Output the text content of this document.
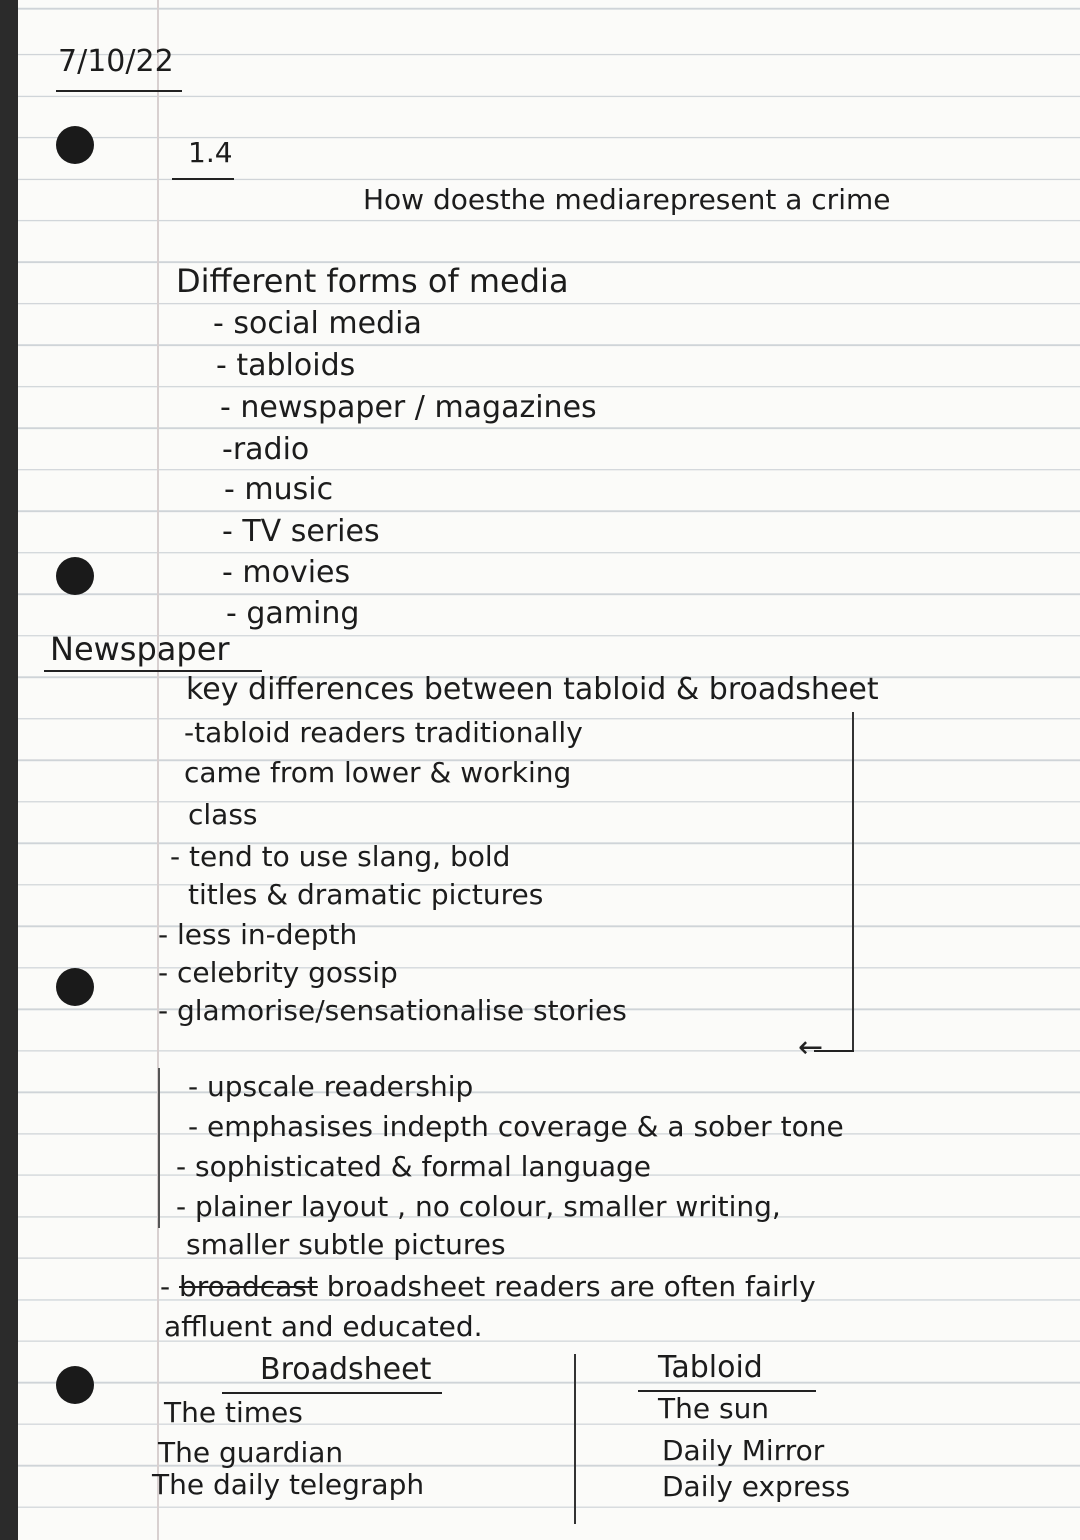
7/10/22
1.4
How doesthe mediarepresent a crime
Different forms of media
- social media
- tabloids
- newspaper / magazines
-radio
- music
- TV series
- movies
- gaming
Newspaper
key differences between tabloid & broadsheet
-tabloid readers traditionally
came from lower & working
class
- tend to use slang, bold
titles & dramatic pictures
- less in-depth
- celebrity gossip
- glamorise/sensationalise stories
←
- upscale readership
- emphasises indepth coverage & a sober tone
- sophisticated & formal language
- plainer layout , no colour, smaller writing,
smaller subtle pictures
- broadcast broadsheet readers are often fairly
affluent and educated.
Broadsheet
The times
The guardian
The daily telegraph
Tabloid
The sun
Daily Mirror
Daily express
